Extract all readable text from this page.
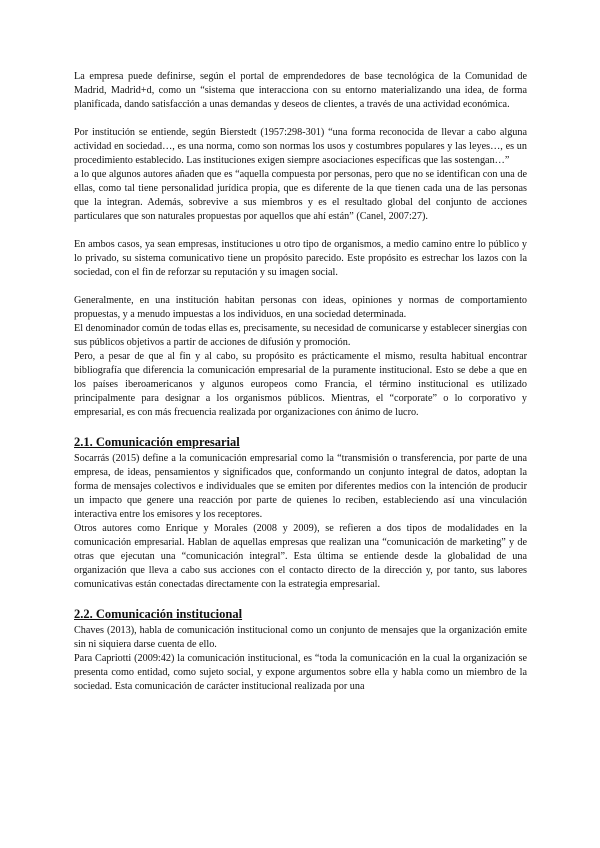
La empresa puede definirse, según el portal de emprendedores de base tecnológica de la Comunidad de Madrid, Madrid+d, como un “sistema que interacciona con su entorno materializando una idea, de forma planificada, dando satisfacción a unas demandas y deseos de clientes, a través de una actividad económica.

Por institución se entiende, según Bierstedt (1957:298-301) “una forma reconocida de llevar a cabo alguna actividad en sociedad…, es una norma, como son normas los usos y costumbres populares y las leyes…, es un procedimiento establecido. Las instituciones exigen siempre asociaciones específicas que las sostengan…”

a lo que algunos autores añaden que es “aquella compuesta por personas, pero que no se identifican con una de ellas, como tal tiene personalidad jurídica propia, que es diferente de la que tienen cada una de las personas que la integran. Además, sobrevive a sus miembros y es el resultado global del conjunto de acciones particulares que son naturales propuestas por aquellos que ahí están” (Canel, 2007:27).

En ambos casos, ya sean empresas, instituciones u otro tipo de organismos, a medio camino entre lo público y lo privado, su sistema comunicativo tiene un propósito parecido. Este propósito es estrechar los lazos con la sociedad, con el fin de reforzar su reputación y su imagen social.

Generalmente, en una institución habitan personas con ideas, opiniones y normas de comportamiento propuestas, y a menudo impuestas a los individuos, en una sociedad determinada.

El denominador común de todas ellas es, precisamente, su necesidad de comunicarse y establecer sinergias con sus públicos objetivos a partir de acciones de difusión y promoción.

Pero, a pesar de que al fin y al cabo, su propósito es prácticamente el mismo, resulta habitual encontrar bibliografía que diferencia la comunicación empresarial de la puramente institucional. Esto se debe a que en los países iberoamericanos y algunos europeos como Francia, el término institucional es utilizado principalmente para designar a los organismos públicos. Mientras, el “corporate” o lo corporativo y empresarial, es con más frecuencia realizada por organizaciones con ánimo de lucro.

2.1. Comunicación empresarial

Socarrás (2015) define a la comunicación empresarial como la “transmisión o transferencia, por parte de una empresa, de ideas, pensamientos y significados que, conformando un conjunto integral de datos, adoptan la forma de mensajes colectivos e individuales que se emiten por diferentes medios con la intención de producir un impacto que genere una reacción por parte de quienes lo reciben, estableciendo así una vinculación interactiva entre los emisores y los receptores.

Otros autores como Enrique y Morales (2008 y 2009), se refieren a dos tipos de modalidades en la comunicación empresarial. Hablan de aquellas empresas que realizan una “comunicación de marketing” y de otras que ejecutan una “comunicación integral”. Esta última se entiende desde la globalidad de una organización que lleva a cabo sus acciones con el contacto directo de la dirección y, por tanto, sus labores comunicativas están conectadas directamente con la estrategia empresarial.

2.2. Comunicación institucional

Chaves (2013), habla de comunicación institucional como un conjunto de mensajes que la organización emite sin ni siquiera darse cuenta de ello.

Para Capriotti (2009:42) la comunicación institucional, es “toda la comunicación en la cual la organización se presenta como entidad, como sujeto social, y expone argumentos sobre ella y habla como un miembro de la sociedad. Esta comunicación de carácter institucional realizada por una
